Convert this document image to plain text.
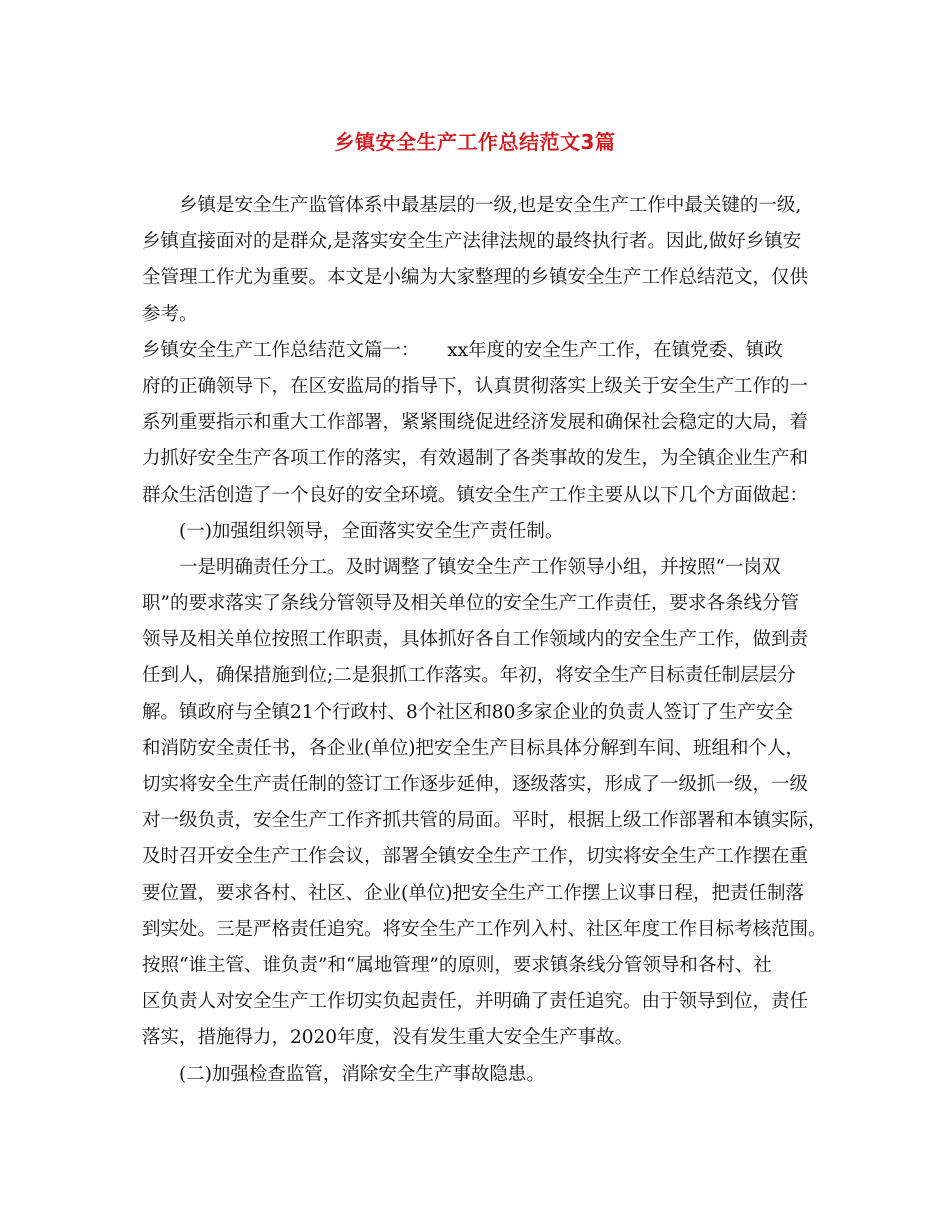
乡镇安全生产工作总结范文3篇
乡镇是安全生产监管体系中最基层的一级,也是安全生产工作中最关键的一级,
乡镇直接面对的是群众,是落实安全生产法律法规的最终执行者。因此,做好乡镇安
全管理工作尤为重要。本文是小编为大家整理的乡镇安全生产工作总结范文，仅供
参考。
乡镇安全生产工作总结范文篇一：　　xx年度的安全生产工作，在镇党委、镇政
府的正确领导下，在区安监局的指导下，认真贯彻落实上级关于安全生产工作的一
系列重要指示和重大工作部署，紧紧围绕促进经济发展和确保社会稳定的大局，着
力抓好安全生产各项工作的落实，有效遏制了各类事故的发生，为全镇企业生产和
群众生活创造了一个良好的安全环境。镇安全生产工作主要从以下几个方面做起：
(一)加强组织领导，全面落实安全生产责任制。
一是明确责任分工。及时调整了镇安全生产工作领导小组，并按照“一岗双
职”的要求落实了条线分管领导及相关单位的安全生产工作责任，要求各条线分管
领导及相关单位按照工作职责，具体抓好各自工作领域内的安全生产工作，做到责
任到人，确保措施到位;二是狠抓工作落实。年初，将安全生产目标责任制层层分
解。镇政府与全镇21个行政村、8个社区和80多家企业的负责人签订了生产安全
和消防安全责任书，各企业(单位)把安全生产目标具体分解到车间、班组和个人，
切实将安全生产责任制的签订工作逐步延伸，逐级落实，形成了一级抓一级，一级
对一级负责，安全生产工作齐抓共管的局面。平时，根据上级工作部署和本镇实际，
及时召开安全生产工作会议，部署全镇安全生产工作，切实将安全生产工作摆在重
要位置，要求各村、社区、企业(单位)把安全生产工作摆上议事日程，把责任制落
到实处。三是严格责任追究。将安全生产工作列入村、社区年度工作目标考核范围。
按照“谁主管、谁负责”和“属地管理”的原则，要求镇条线分管领导和各村、社
区负责人对安全生产工作切实负起责任，并明确了责任追究。由于领导到位，责任
落实，措施得力，2020年度，没有发生重大安全生产事故。
(二)加强检查监管，消除安全生产事故隐患。
